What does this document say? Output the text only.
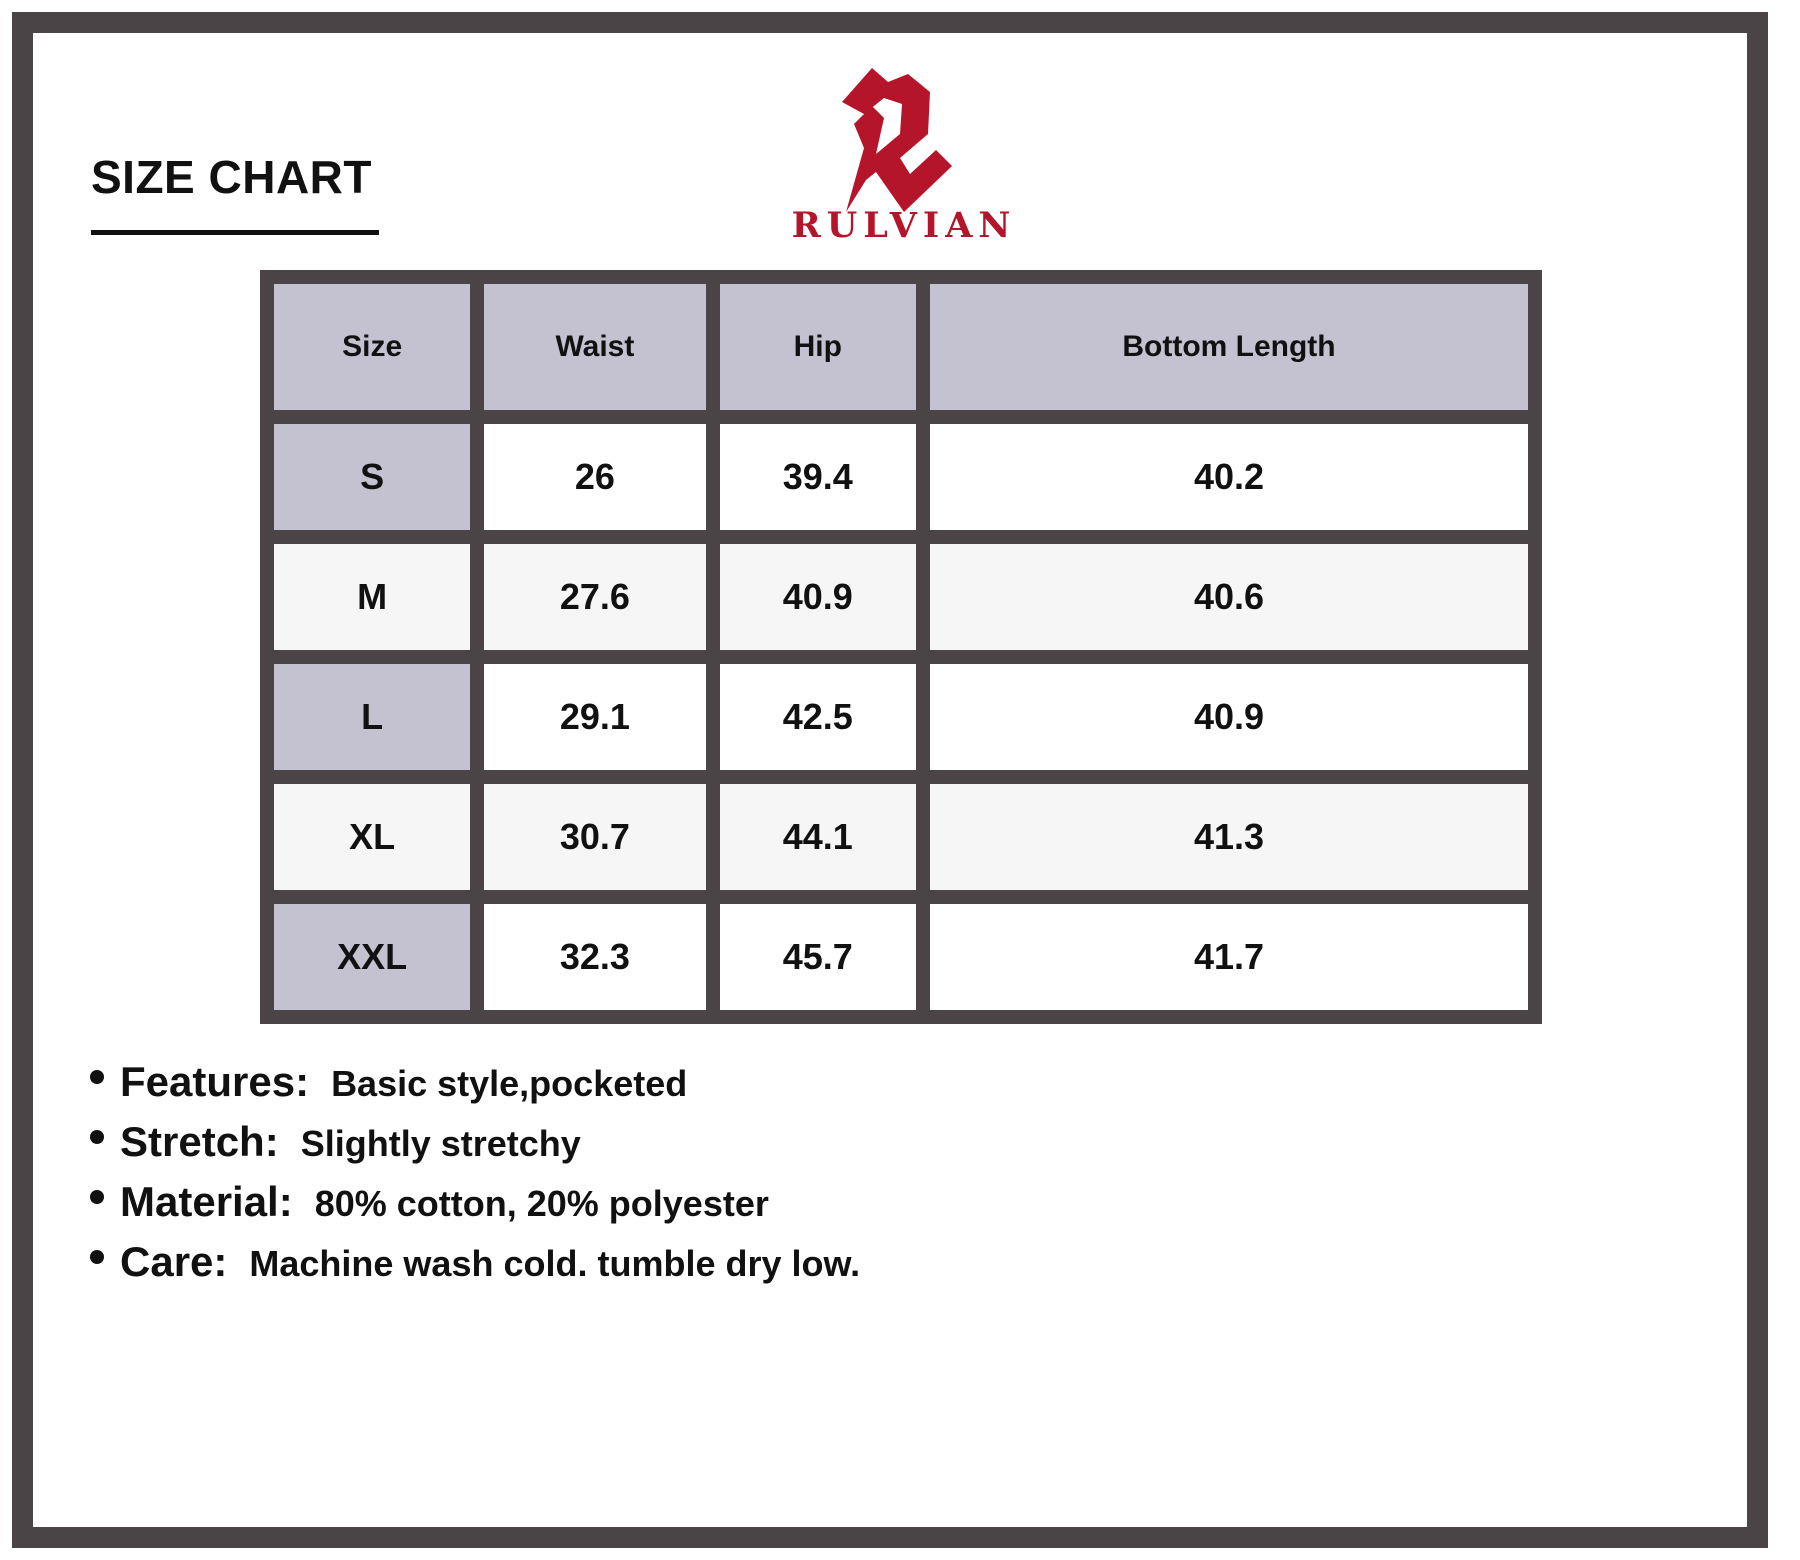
SIZE CHART
RULVIAN
Size	Waist	Hip	Bottom Length
S	26	39.4	40.2
M	27.6	40.9	40.6
L	29.1	42.5	40.9
XL	30.7	44.1	41.3
XXL	32.3	45.7	41.7
Features: Basic style,pocketed
Stretch: Slightly stretchy
Material: 80% cotton, 20% polyester
Care: Machine wash cold. tumble dry low.
